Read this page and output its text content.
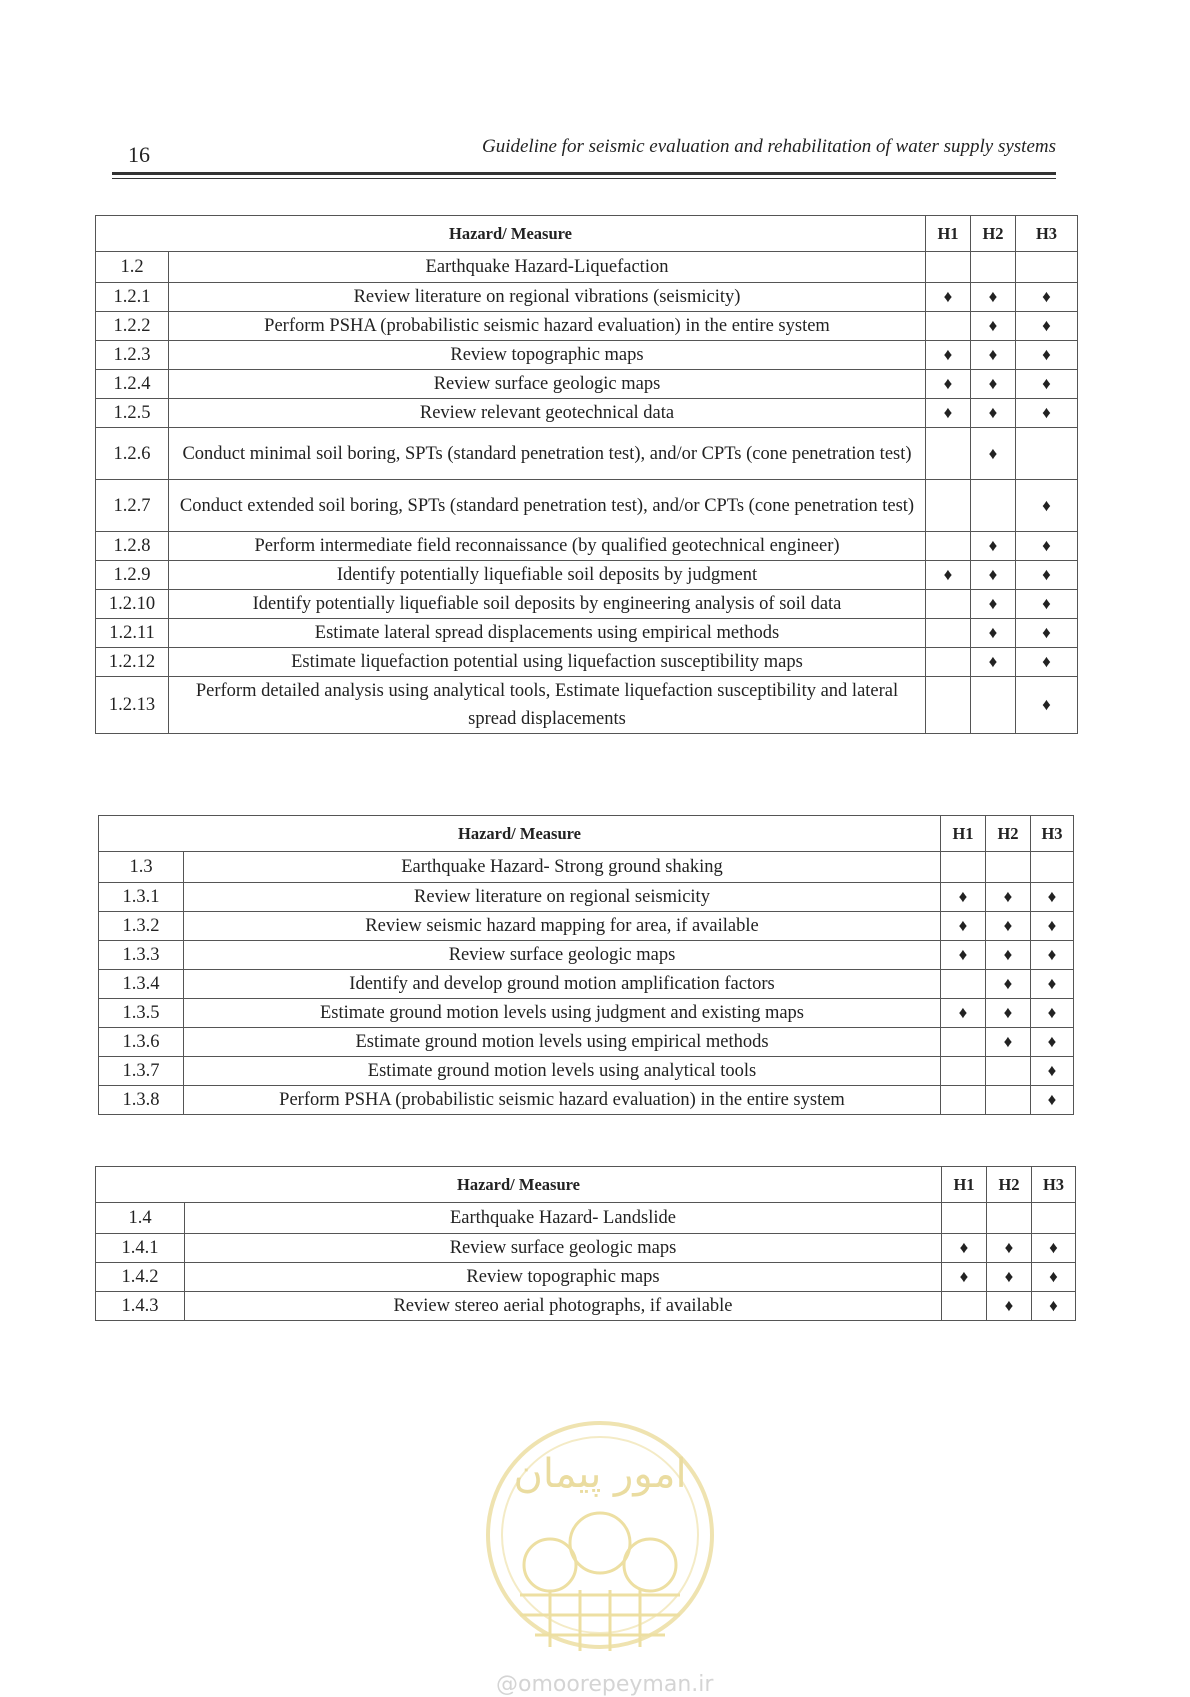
16	Guideline for seismic evaluation and rehabilitation of water supply systems
Hazard/ Measure		H1	H2	H3
1.2	Earthquake Hazard-Liquefaction			
1.2.1	Review literature on regional vibrations (seismicity)	♦	♦	♦
1.2.2	Perform PSHA (probabilistic seismic hazard evaluation) in the entire system		♦	♦
1.2.3	Review topographic maps	♦	♦	♦
1.2.4	Review surface geologic maps	♦	♦	♦
1.2.5	Review relevant geotechnical data	♦	♦	♦
1.2.6	Conduct minimal soil boring, SPTs (standard penetration test), and/or CPTs (cone penetration test)		♦	
1.2.7	Conduct extended soil boring, SPTs (standard penetration test), and/or CPTs (cone penetration test)			♦
1.2.8	Perform intermediate field reconnaissance (by qualified geotechnical engineer)		♦	♦
1.2.9	Identify potentially liquefiable soil deposits by judgment	♦	♦	♦
1.2.10	Identify potentially liquefiable soil deposits by engineering analysis of soil data		♦	♦
1.2.11	Estimate lateral spread displacements using empirical methods		♦	♦
1.2.12	Estimate liquefaction potential using liquefaction susceptibility maps		♦	♦
1.2.13	Perform detailed analysis using analytical tools, Estimate liquefaction susceptibility and lateral spread displacements			♦
Hazard/ Measure		H1	H2	H3
1.3	Earthquake Hazard- Strong ground shaking			
1.3.1	Review literature on regional seismicity	♦	♦	♦
1.3.2	Review seismic hazard mapping for area, if available	♦	♦	♦
1.3.3	Review surface geologic maps	♦	♦	♦
1.3.4	Identify and develop ground motion amplification factors		♦	♦
1.3.5	Estimate ground motion levels using judgment and existing maps	♦	♦	♦
1.3.6	Estimate ground motion levels using empirical methods		♦	♦
1.3.7	Estimate ground motion levels using analytical tools			♦
1.3.8	Perform PSHA (probabilistic seismic hazard evaluation) in the entire system			♦
Hazard/ Measure		H1	H2	H3
1.4	Earthquake Hazard- Landslide			
1.4.1	Review surface geologic maps	♦	♦	♦
1.4.2	Review topographic maps	♦	♦	♦
1.4.3	Review stereo aerial photographs, if available		♦	♦
امور پیمان
@omoorepeyman.ir
